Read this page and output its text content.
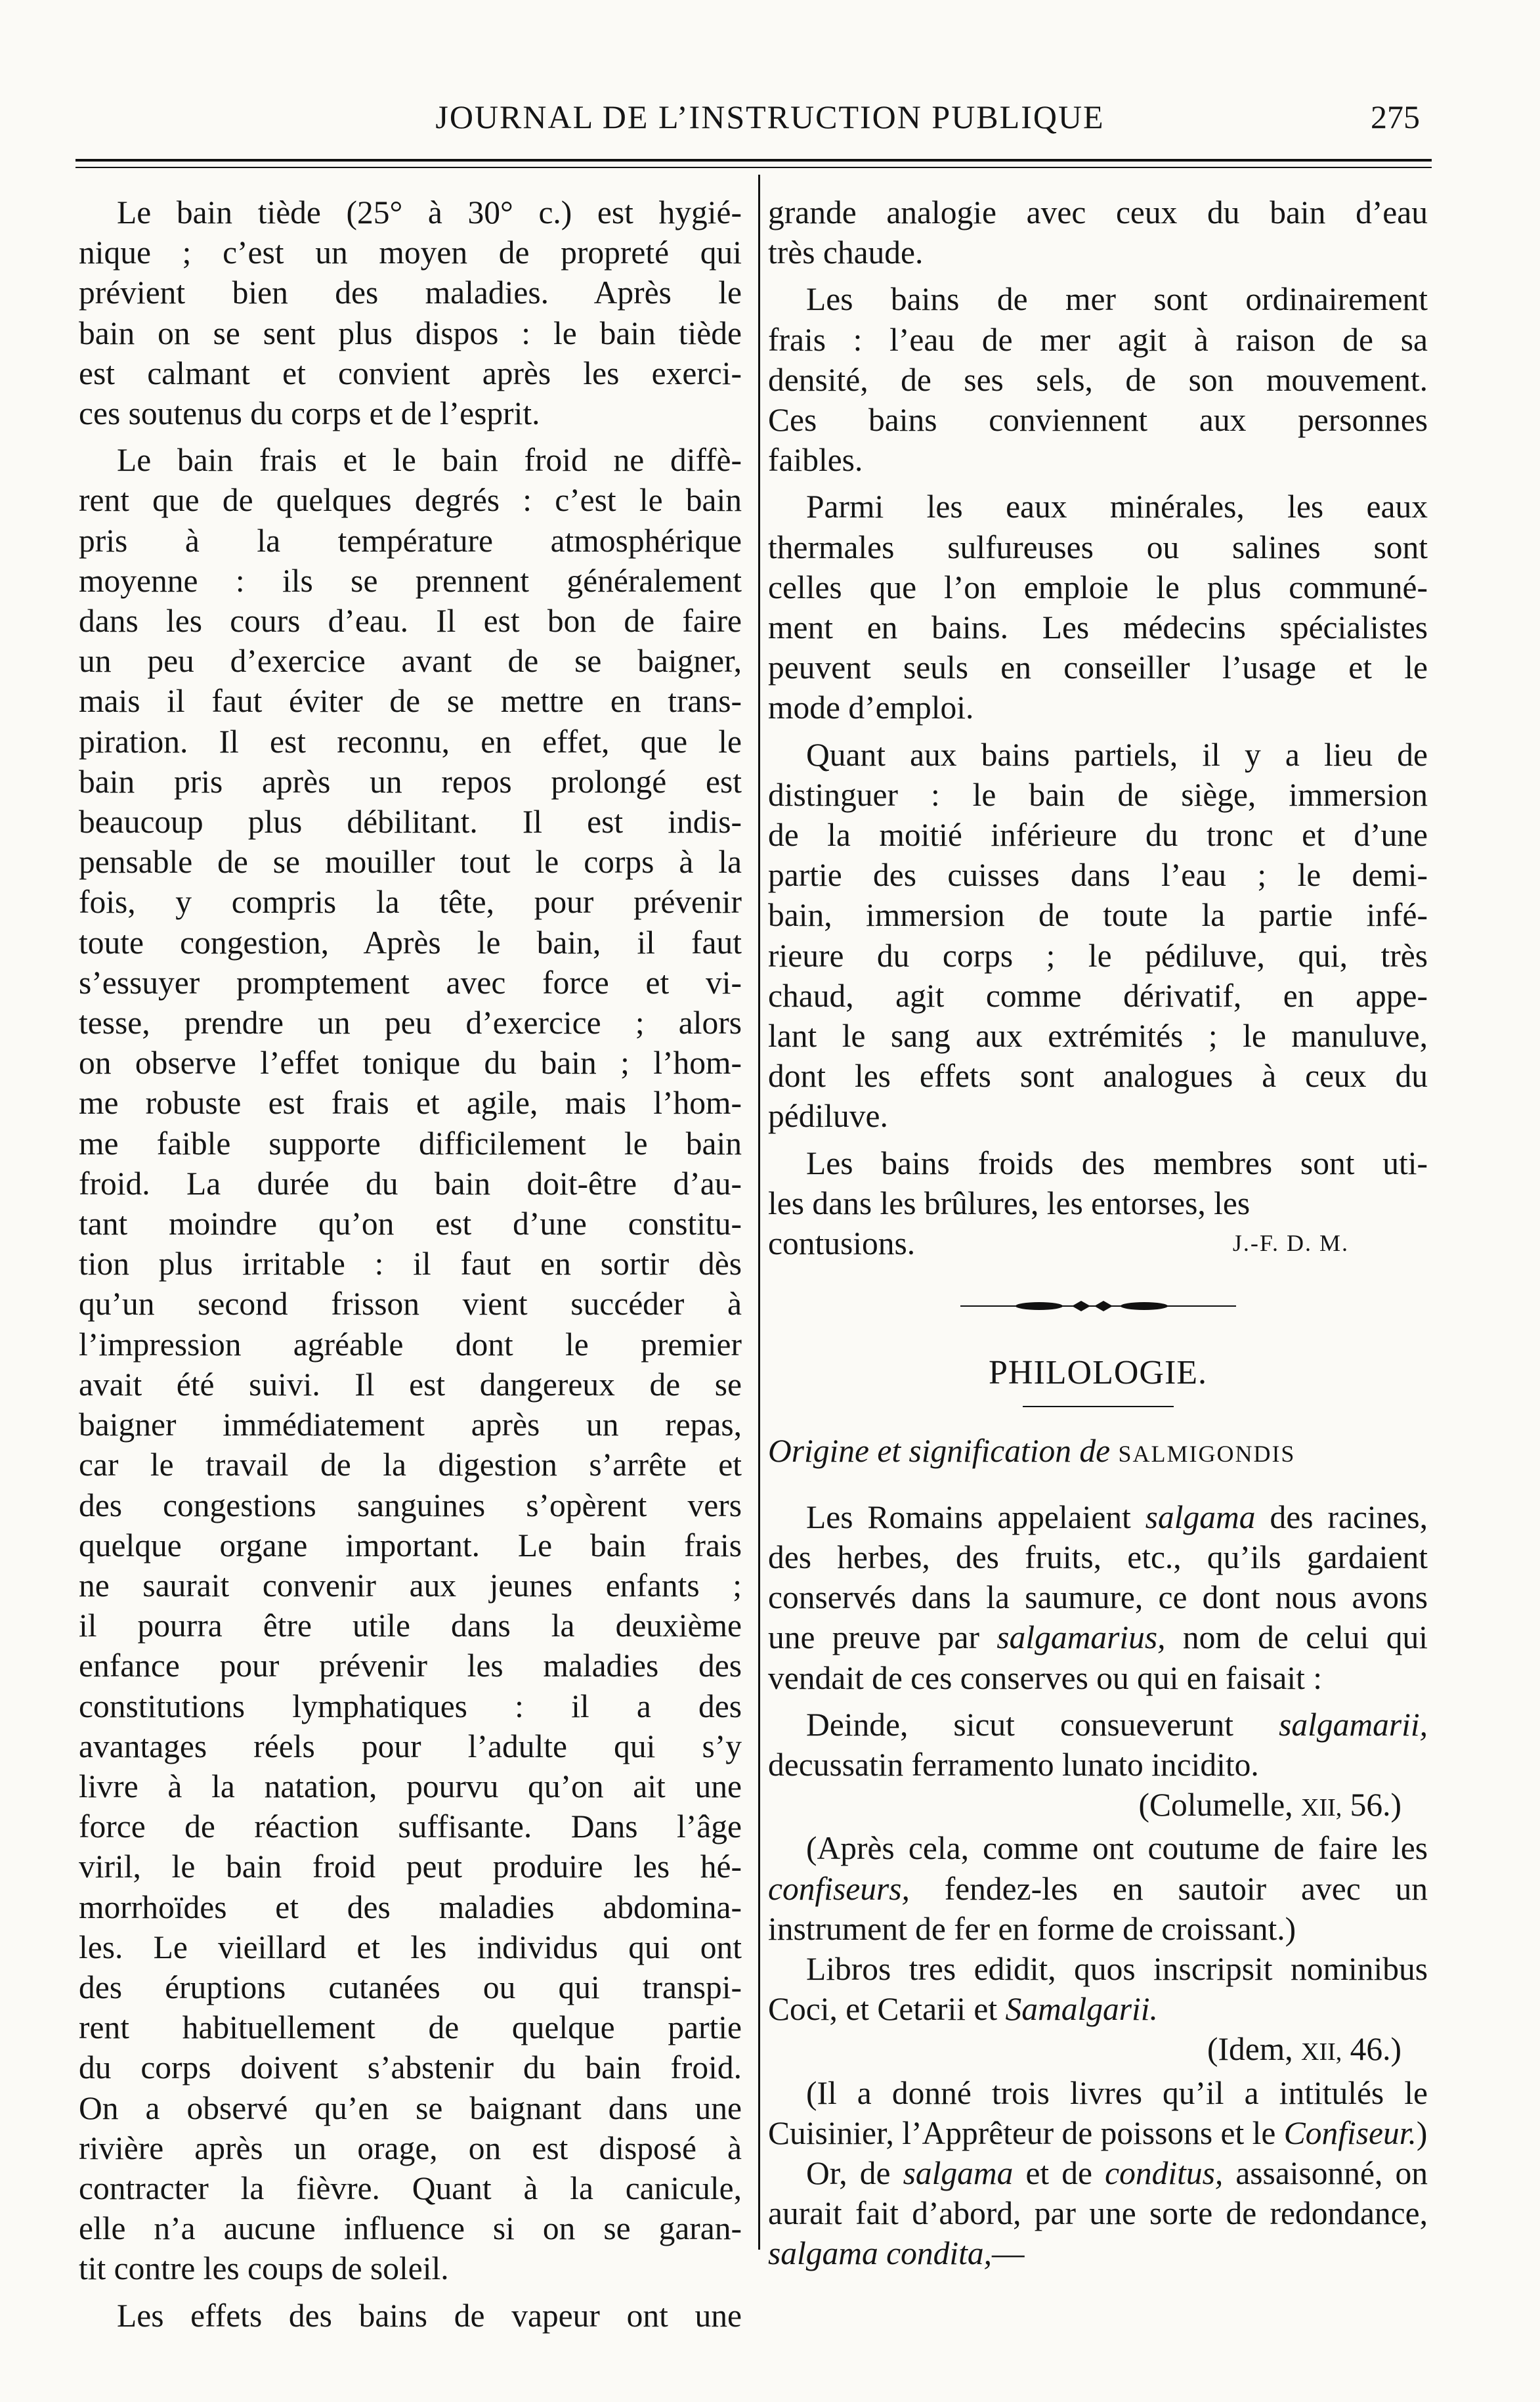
JOURNAL DE L’INSTRUCTION PUBLIQUE	275

Le bain tiède (25° à 30° c.) est hygié-
nique ; c’est un moyen de propreté qui
prévient bien des maladies. Après le
bain on se sent plus dispos : le bain tiède
est calmant et convient après les exerci-
ces soutenus du corps et de l’esprit.

Le bain frais et le bain froid ne diffè-
rent que de quelques degrés : c’est le bain
pris à la température atmosphérique
moyenne : ils se prennent généralement
dans les cours d’eau. Il est bon de faire
un peu d’exercice avant de se baigner,
mais il faut éviter de se mettre en trans-
piration. Il est reconnu, en effet, que le
bain pris après un repos prolongé est
beaucoup plus débilitant. Il est indis-
pensable de se mouiller tout le corps à la
fois, y compris la tête, pour prévenir
toute congestion, Après le bain, il faut
s’essuyer promptement avec force et vi-
tesse, prendre un peu d’exercice ; alors
on observe l’effet tonique du bain ; l’hom-
me robuste est frais et agile, mais l’hom-
me faible supporte difficilement le bain
froid. La durée du bain doit-être d’au-
tant moindre qu’on est d’une constitu-
tion plus irritable : il faut en sortir dès
qu’un second frisson vient succéder à
l’impression agréable dont le premier
avait été suivi. Il est dangereux de se
baigner immédiatement après un repas,
car le travail de la digestion s’arrête et
des congestions sanguines s’opèrent vers
quelque organe important. Le bain frais
ne saurait convenir aux jeunes enfants ;
il pourra être utile dans la deuxième
enfance pour prévenir les maladies des
constitutions lymphatiques : il a des
avantages réels pour l’adulte qui s’y
livre à la natation, pourvu qu’on ait une
force de réaction suffisante. Dans l’âge
viril, le bain froid peut produire les hé-
morrhoïdes et des maladies abdomina-
les. Le vieillard et les individus qui ont
des éruptions cutanées ou qui transpi-
rent habituellement de quelque partie
du corps doivent s’abstenir du bain froid.
On a observé qu’en se baignant dans une
rivière après un orage, on est disposé à
contracter la fièvre. Quant à la canicule,
elle n’a aucune influence si on se garan-
tit contre les coups de soleil.

Les effets des bains de vapeur ont une

grande analogie avec ceux du bain d’eau
très chaude.

Les bains de mer sont ordinairement
frais : l’eau de mer agit à raison de sa
densité, de ses sels, de son mouvement.
Ces bains conviennent aux personnes
faibles.

Parmi les eaux minérales, les eaux
thermales sulfureuses ou salines sont
celles que l’on emploie le plus communé-
ment en bains. Les médecins spécialistes
peuvent seuls en conseiller l’usage et le
mode d’emploi.

Quant aux bains partiels, il y a lieu de
distinguer : le bain de siège, immersion
de la moitié inférieure du tronc et d’une
partie des cuisses dans l’eau ; le demi-
bain, immersion de toute la partie infé-
rieure du corps ; le pédiluve, qui, très
chaud, agit comme dérivatif, en appe-
lant le sang aux extrémités ; le manuluve,
dont les effets sont analogues à ceux du
pédiluve.

Les bains froids des membres sont uti-
les dans les brûlures, les entorses, les

contusions.	J.-F. D. M.
PHILOLOGIE.

Origine et signification de SALMIGONDIS

Les Romains appelaient salgama des racines, des herbes, des fruits, etc., qu’ils gardaient conservés dans la saumure, ce dont nous avons une preuve par salgamarius, nom de celui qui vendait de ces conserves ou qui en faisait :

Deinde, sicut consueverunt salgamarii, decussatin ferramento lunato incidito.

(Columelle, XII, 56.)

(Après cela, comme ont coutume de faire les confiseurs, fendez-les en sautoir avec un instrument de fer en forme de croissant.)

Libros tres edidit, quos inscripsit nominibus Coci, et Cetarii et Samalgarii.

(Idem, XII, 46.)

(Il a donné trois livres qu’il a intitulés le Cuisinier, l’Apprêteur de poissons et le Confiseur.)

Or, de salgama et de conditus, assaisonné, on aurait fait d’abord, par une sorte de redondance, salgama condita,—
